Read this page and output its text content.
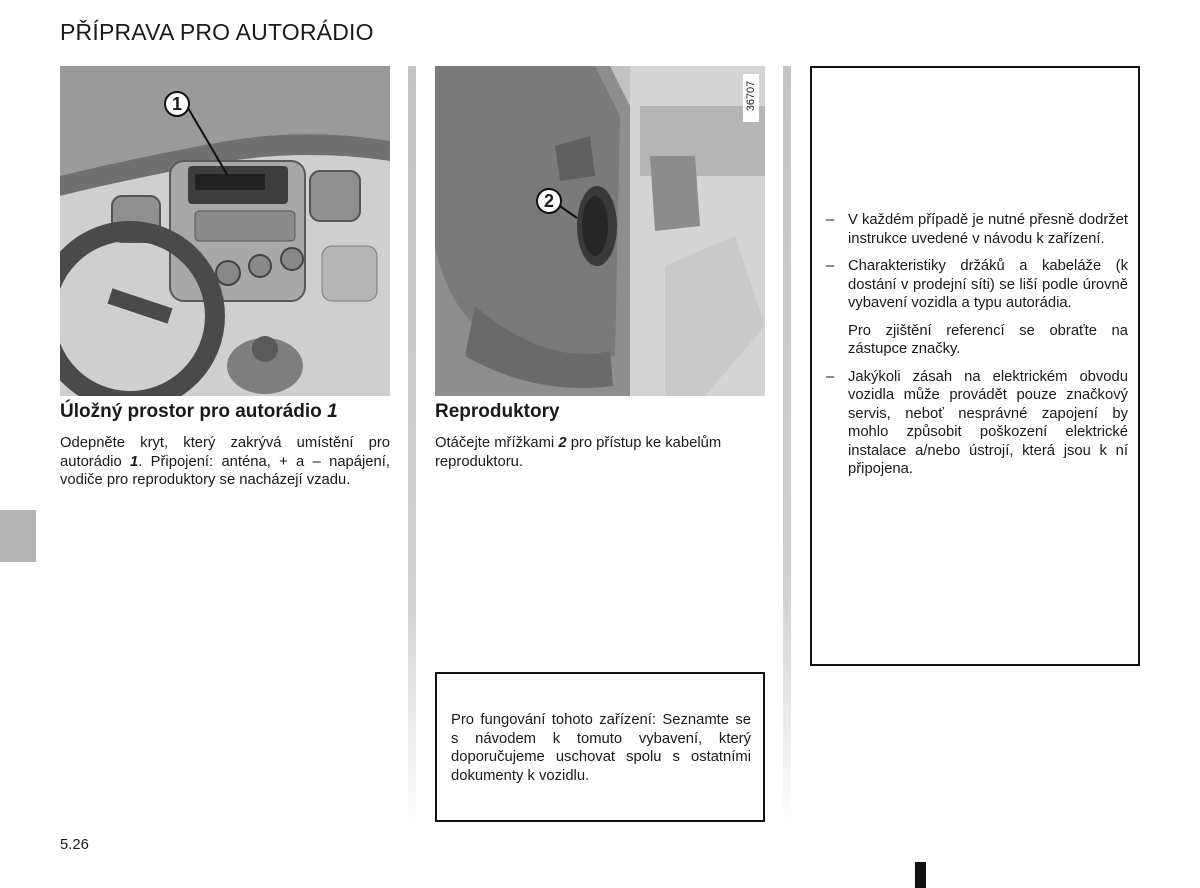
PŘÍPRAVA PRO AUTORÁDIO
1
2
36707
Úložný prostor pro autorádio 1

Odepněte kryt, který zakrývá umístění pro autorádio 1. Připojení: anténa, + a – napájení, vodiče pro reproduktory se nacházejí vzadu.

Reproduktory

Otáčejte mřížkami 2 pro přístup ke kabelům reproduktoru.

Pro fungování tohoto zařízení: Seznamte se s návodem k tomuto vybavení, který doporučujeme uschovat spolu s ostatními dokumenty k vozidlu.

– V každém případě je nutné přesně dodržet instrukce uvedené v návodu k zařízení.

– Charakteristiky držáků a kabeláže (k dostání v prodejní síti) se liší podle úrovně vybavení vozidla a typu autorádia.

Pro zjištění referencí se obraťte na zástupce značky.

– Jakýkoli zásah na elektrickém obvodu vozidla může provádět pouze značkový servis, neboť nesprávné zapojení by mohlo způsobit poškození elektrické instalace a/nebo ústrojí, která jsou k ní připojena.

5.26
